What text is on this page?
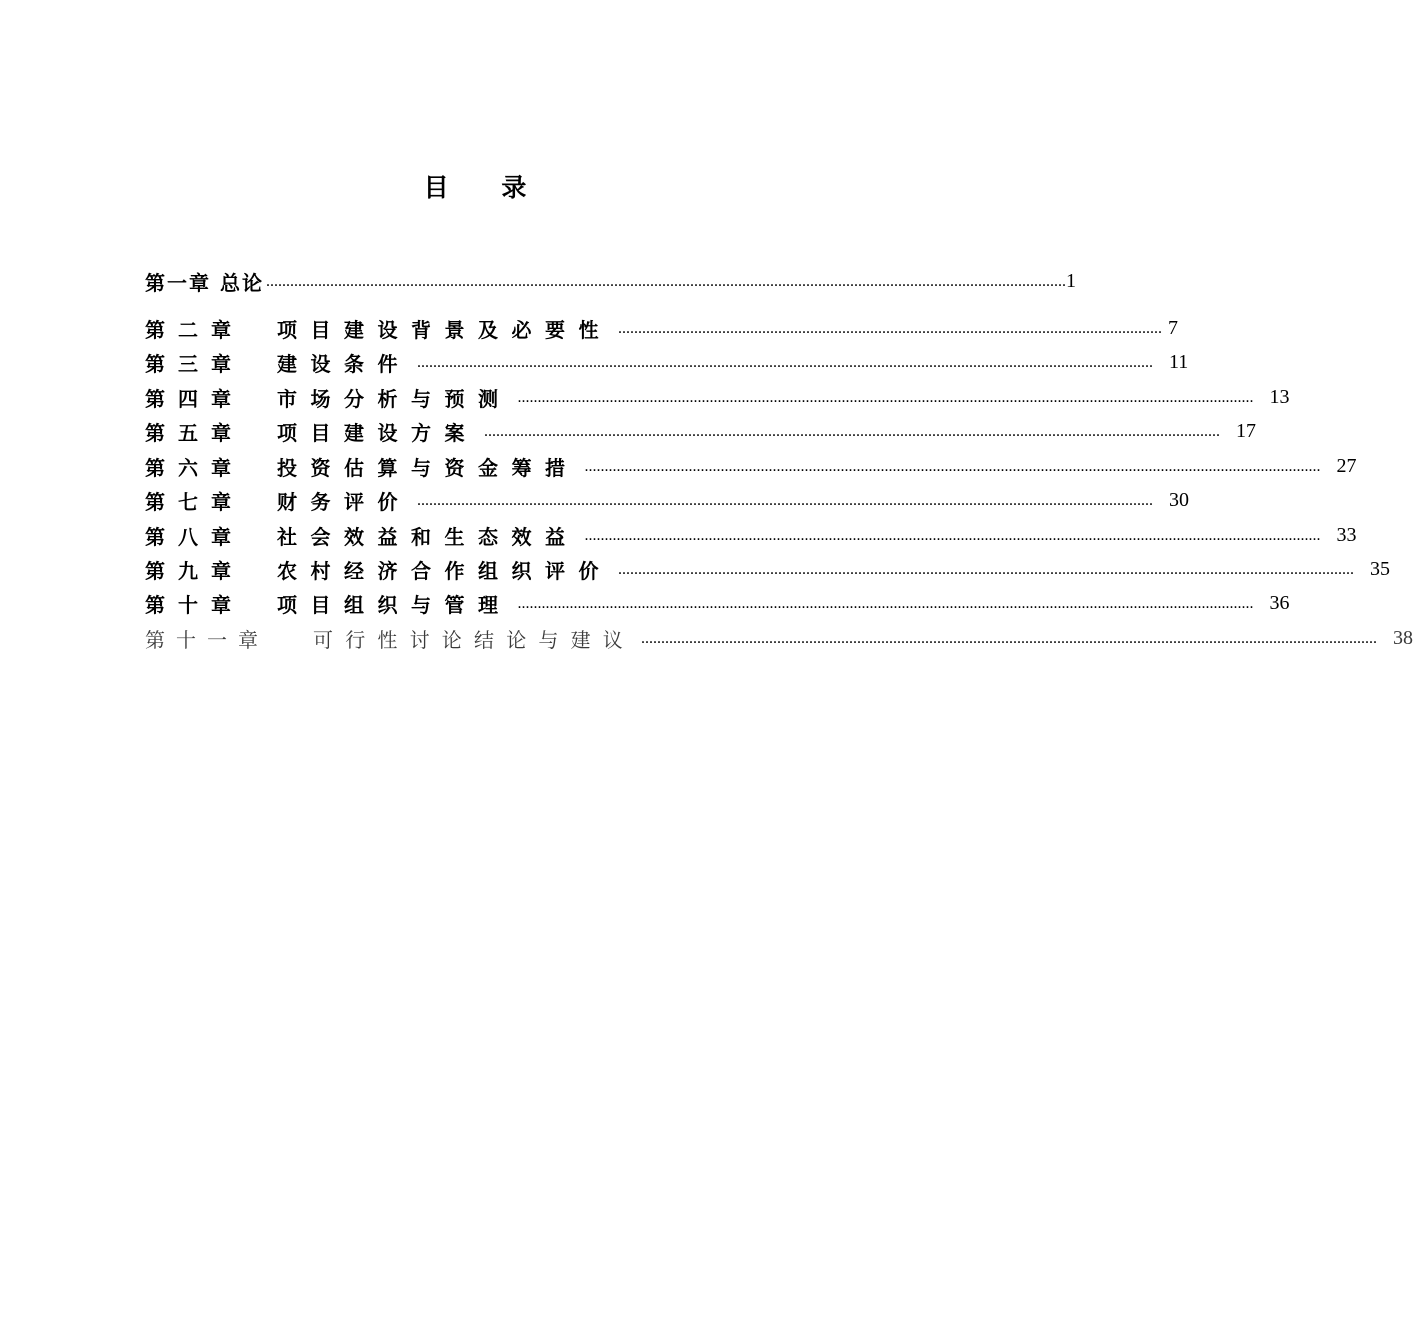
目 录
第一章 总论 ........................................................................................................................................................................................................ 1
第二章 项目建设背景及必要性 ........................................................................................................................................ 7
第三章 建设条件 ........................................................................................................................................................................................ 11
第四章 市场分析与预测 ........................................................................................................................................................................................ 13
第五章 项目建设方案 ........................................................................................................................................................................................ 17
第六章 投资估算与资金筹措 ........................................................................................................................................................................................ 27
第七章 财务评价 ........................................................................................................................................................................................ 30
第八章 社会效益和生态效益 ........................................................................................................................................................................................ 33
第九章 农村经济合作组织评价 ........................................................................................................................................................................................ 35
第十章 项目组织与管理 ........................................................................................................................................................................................ 36
第十一章 可行性讨论结论与建议 ........................................................................................................................................................................................ 38
